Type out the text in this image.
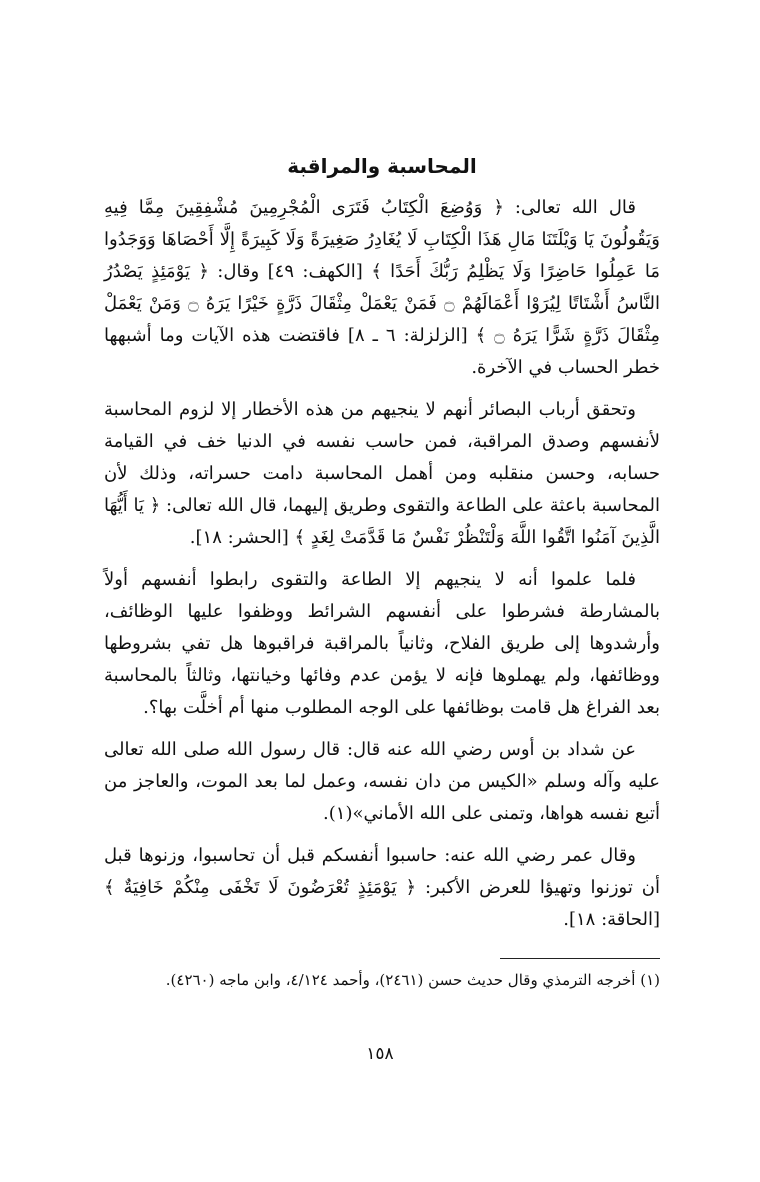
المحاسبة والمراقبة

قال الله تعالى: ﴿ وَوُضِعَ الْكِتَابُ فَتَرَى الْمُجْرِمِينَ مُشْفِقِينَ مِمَّا فِيهِ وَيَقُولُونَ يَا وَيْلَتَنَا مَالِ هَذَا الْكِتَابِ لَا يُغَادِرُ صَغِيرَةً وَلَا كَبِيرَةً إِلَّا أَحْصَاهَا وَوَجَدُوا مَا عَمِلُوا حَاضِرًا وَلَا يَظْلِمُ رَبُّكَ أَحَدًا ﴾ [الكهف: ٤٩] وقال: ﴿ يَوْمَئِذٍ يَصْدُرُ النَّاسُ أَشْتَاتًا لِيُرَوْا أَعْمَالَهُمْ ۝ فَمَنْ يَعْمَلْ مِثْقَالَ ذَرَّةٍ خَيْرًا يَرَهُ ۝ وَمَنْ يَعْمَلْ مِثْقَالَ ذَرَّةٍ شَرًّا يَرَهُ ۝ ﴾ [الزلزلة: ٦ ـ ٨] فاقتضت هذه الآيات وما أشبهها خطر الحساب في الآخرة.

وتحقق أرباب البصائر أنهم لا ينجيهم من هذه الأخطار إلا لزوم المحاسبة لأنفسهم وصدق المراقبة، فمن حاسب نفسه في الدنيا خف في القيامة حسابه، وحسن منقلبه ومن أهمل المحاسبة دامت حسراته، وذلك لأن المحاسبة باعثة على الطاعة والتقوى وطريق إليهما، قال الله تعالى: ﴿ يَا أَيُّهَا الَّذِينَ آمَنُوا اتَّقُوا اللَّهَ وَلْتَنْظُرْ نَفْسٌ مَا قَدَّمَتْ لِغَدٍ ﴾ [الحشر: ١٨].

فلما علموا أنه لا ينجيهم إلا الطاعة والتقوى رابطوا أنفسهم أولاً بالمشارطة فشرطوا على أنفسهم الشرائط ووظفوا عليها الوظائف، وأرشدوها إلى طريق الفلاح، وثانياً بالمراقبة فراقبوها هل تفي بشروطها ووظائفها، ولم يهملوها فإنه لا يؤمن عدم وفائها وخيانتها، وثالثاً بالمحاسبة بعد الفراغ هل قامت بوظائفها على الوجه المطلوب منها أم أخلَّت بها؟.

عن شداد بن أوس رضي الله عنه قال: قال رسول الله صلى الله تعالى عليه وآله وسلم «الكيس من دان نفسه، وعمل لما بعد الموت، والعاجز من أتبع نفسه هواها، وتمنى على الله الأماني»(١).

وقال عمر رضي الله عنه: حاسبوا أنفسكم قبل أن تحاسبوا، وزنوها قبل أن توزنوا وتهيؤا للعرض الأكبر: ﴿ يَوْمَئِذٍ تُعْرَضُونَ لَا تَخْفَى مِنْكُمْ خَافِيَةٌ ﴾ [الحاقة: ١٨].

(١) أخرجه الترمذي وقال حديث حسن (٢٤٦١)، وأحمد ٤/١٢٤، وابن ماجه (٤٢٦٠).

١٥٨
